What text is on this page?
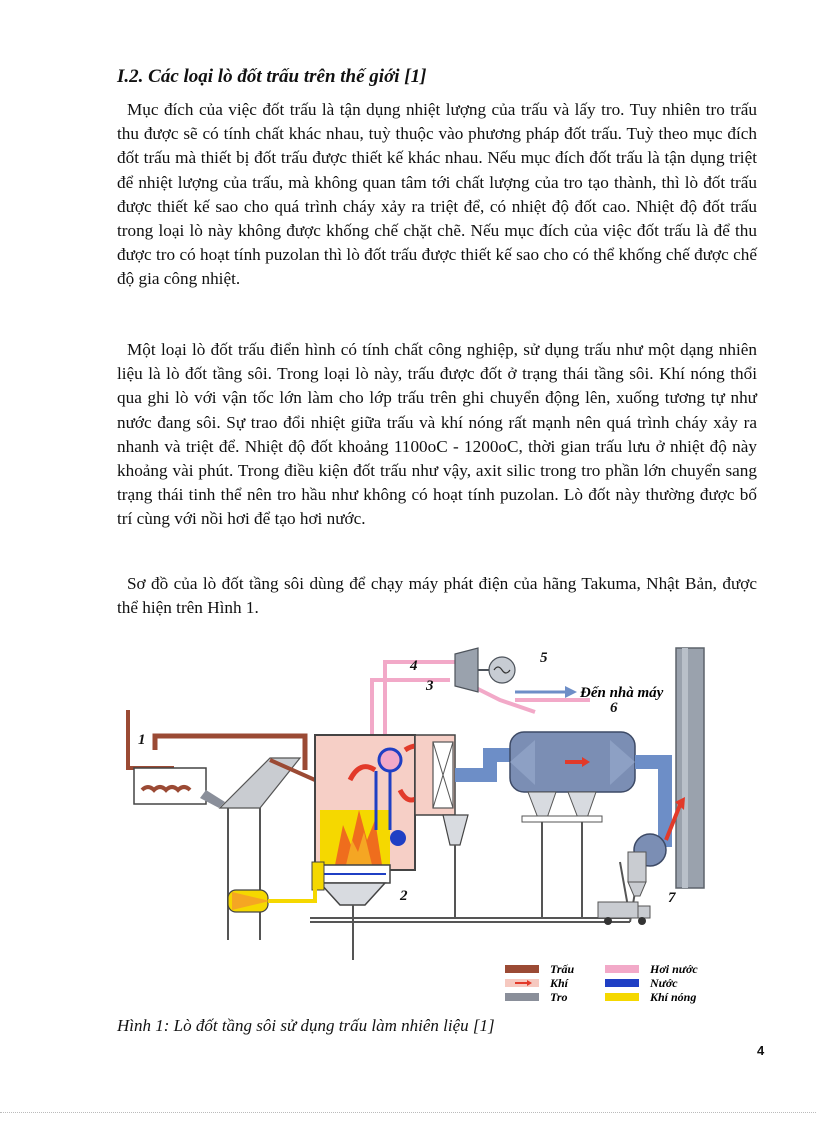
I.2. Các loại lò đốt trấu trên thế giới [1]

Mục đích của việc đốt trấu là tận dụng nhiệt lượng của trấu và lấy tro. Tuy nhiên tro trấu thu được sẽ có tính chất khác nhau, tuỳ thuộc vào phương pháp đốt trấu. Tuỳ theo mục đích đốt trấu mà thiết bị đốt trấu được thiết kế khác nhau. Nếu mục đích đốt trấu là tận dụng triệt để nhiệt lượng của trấu, mà không quan tâm tới chất lượng của tro tạo thành, thì lò đốt trấu được thiết kế sao cho quá trình cháy xảy ra triệt để, có nhiệt độ đốt cao. Nhiệt độ đốt trấu trong loại lò này không được khống chế chặt chẽ. Nếu mục đích của việc đốt trấu là để thu được tro có hoạt tính puzolan thì lò đốt trấu được thiết kế sao cho có thể khống chế được chế độ gia công nhiệt.

Một loại lò đốt trấu điển hình có tính chất công nghiệp, sử dụng trấu như một dạng nhiên liệu là lò đốt tầng sôi. Trong loại lò này, trấu được đốt ở trạng thái tầng sôi. Khí nóng thổi qua ghi lò với vận tốc lớn làm cho lớp trấu trên ghi chuyển động lên, xuống tương tự như nước đang sôi. Sự trao đổi nhiệt giữa trấu và khí nóng rất mạnh nên quá trình cháy xảy ra nhanh và triệt để. Nhiệt độ đốt khoảng 1100oC - 1200oC, thời gian trấu lưu ở nhiệt độ này khoảng vài phút. Trong điều kiện đốt trấu như vậy, axit silic trong tro phần lớn chuyển sang trạng thái tinh thể nên tro hầu như không có hoạt tính puzolan. Lò đốt này thường được bố trí cùng với nồi hơi để tạo hơi nước.

Sơ đồ của lò đốt tầng sôi dùng để chạy máy phát điện của hãng Takuma, Nhật Bản, được thể hiện trên Hình 1.

Đến nhà máy
1
2
3
4	5
6
7
Trấu	Hơi nước
Khí	Nước
Tro	Khí nóng

Hình 1: Lò đốt tầng sôi sử dụng trấu làm nhiên liệu [1]

4
